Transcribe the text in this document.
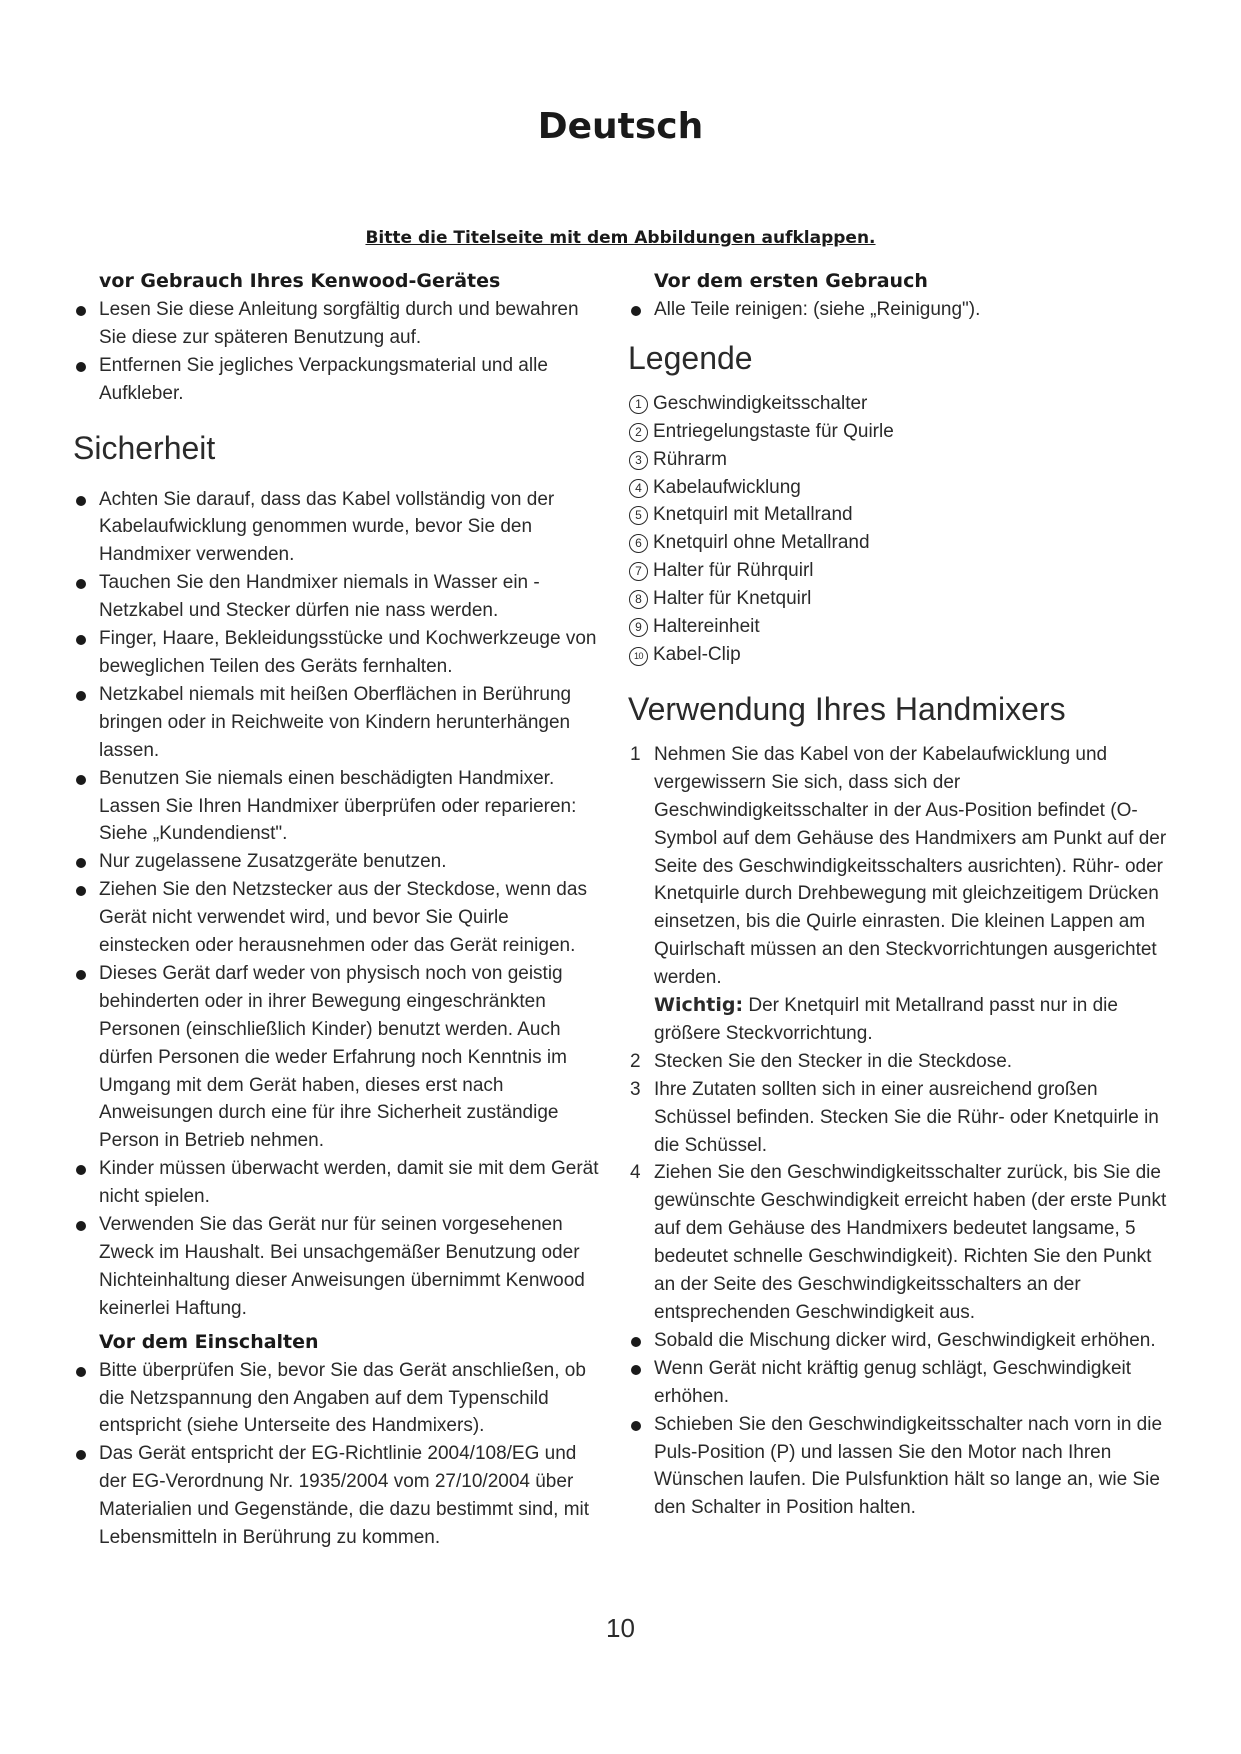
Deutsch
Bitte die Titelseite mit dem Abbildungen aufklappen.
vor Gebrauch Ihres Kenwood-Gerätes
Lesen Sie diese Anleitung sorgfältig durch und bewahren Sie diese zur späteren Benutzung auf.
Entfernen Sie jegliches Verpackungsmaterial und alle Aufkleber.
Sicherheit
Achten Sie darauf, dass das Kabel vollständig von der Kabelaufwicklung genommen wurde, bevor Sie den Handmixer verwenden.
Tauchen Sie den Handmixer niemals in Wasser ein - Netzkabel und Stecker dürfen nie nass werden.
Finger, Haare, Bekleidungsstücke und Kochwerkzeuge von beweglichen Teilen des Geräts fernhalten.
Netzkabel niemals mit heißen Oberflächen in Berührung bringen oder in Reichweite von Kindern herunterhängen lassen.
Benutzen Sie niemals einen beschädigten Handmixer. Lassen Sie Ihren Handmixer überprüfen oder reparieren: Siehe „Kundendienst".
Nur zugelassene Zusatzgeräte benutzen.
Ziehen Sie den Netzstecker aus der Steckdose, wenn das Gerät nicht verwendet wird, und bevor Sie Quirle einstecken oder herausnehmen oder das Gerät reinigen.
Dieses Gerät darf weder von physisch noch von geistig behinderten oder in ihrer Bewegung eingeschränkten Personen (einschließlich Kinder) benutzt werden. Auch dürfen Personen die weder Erfahrung noch Kenntnis im Umgang mit dem Gerät haben, dieses erst nach Anweisungen durch eine für ihre Sicherheit zuständige Person in Betrieb nehmen.
Kinder müssen überwacht werden, damit sie mit dem Gerät nicht spielen.
Verwenden Sie das Gerät nur für seinen vorgesehenen Zweck im Haushalt. Bei unsachgemäßer Benutzung oder Nichteinhaltung dieser Anweisungen übernimmt Kenwood keinerlei Haftung.
Vor dem Einschalten
Bitte überprüfen Sie, bevor Sie das Gerät anschließen, ob die Netzspannung den Angaben auf dem Typenschild entspricht (siehe Unterseite des Handmixers).
Das Gerät entspricht der EG-Richtlinie 2004/108/EG und der EG-Verordnung Nr. 1935/2004 vom 27/10/2004 über Materialien und Gegenstände, die dazu bestimmt sind, mit Lebensmitteln in Berührung zu kommen.
Vor dem ersten Gebrauch
Alle Teile reinigen: (siehe „Reinigung").
Legende
1 Geschwindigkeitsschalter
2 Entriegelungstaste für Quirle
3 Rührarm
4 Kabelaufwicklung
5 Knetquirl mit Metallrand
6 Knetquirl ohne Metallrand
7 Halter für Rührquirl
8 Halter für Knetquirl
9 Haltereinheit
10 Kabel-Clip
Verwendung Ihres Handmixers
1 Nehmen Sie das Kabel von der Kabelaufwicklung und vergewissern Sie sich, dass sich der Geschwindigkeitsschalter in der Aus-Position befindet (O-Symbol auf dem Gehäuse des Handmixers am Punkt auf der Seite des Geschwindigkeitsschalters ausrichten). Rühr- oder Knetquirle durch Drehbewegung mit gleichzeitigem Drücken einsetzen, bis die Quirle einrasten. Die kleinen Lappen am Quirlschaft müssen an den Steckvorrichtungen ausgerichtet werden.
Wichtig: Der Knetquirl mit Metallrand passt nur in die größere Steckvorrichtung.
2 Stecken Sie den Stecker in die Steckdose.
3 Ihre Zutaten sollten sich in einer ausreichend großen Schüssel befinden. Stecken Sie die Rühr- oder Knetquirle in die Schüssel.
4 Ziehen Sie den Geschwindigkeitsschalter zurück, bis Sie die gewünschte Geschwindigkeit erreicht haben (der erste Punkt auf dem Gehäuse des Handmixers bedeutet langsame, 5 bedeutet schnelle Geschwindigkeit). Richten Sie den Punkt an der Seite des Geschwindigkeitsschalters an der entsprechenden Geschwindigkeit aus.
Sobald die Mischung dicker wird, Geschwindigkeit erhöhen.
Wenn Gerät nicht kräftig genug schlägt, Geschwindigkeit erhöhen.
Schieben Sie den Geschwindigkeitsschalter nach vorn in die Puls-Position (P) und lassen Sie den Motor nach Ihren Wünschen laufen. Die Pulsfunktion hält so lange an, wie Sie den Schalter in Position halten.
10
